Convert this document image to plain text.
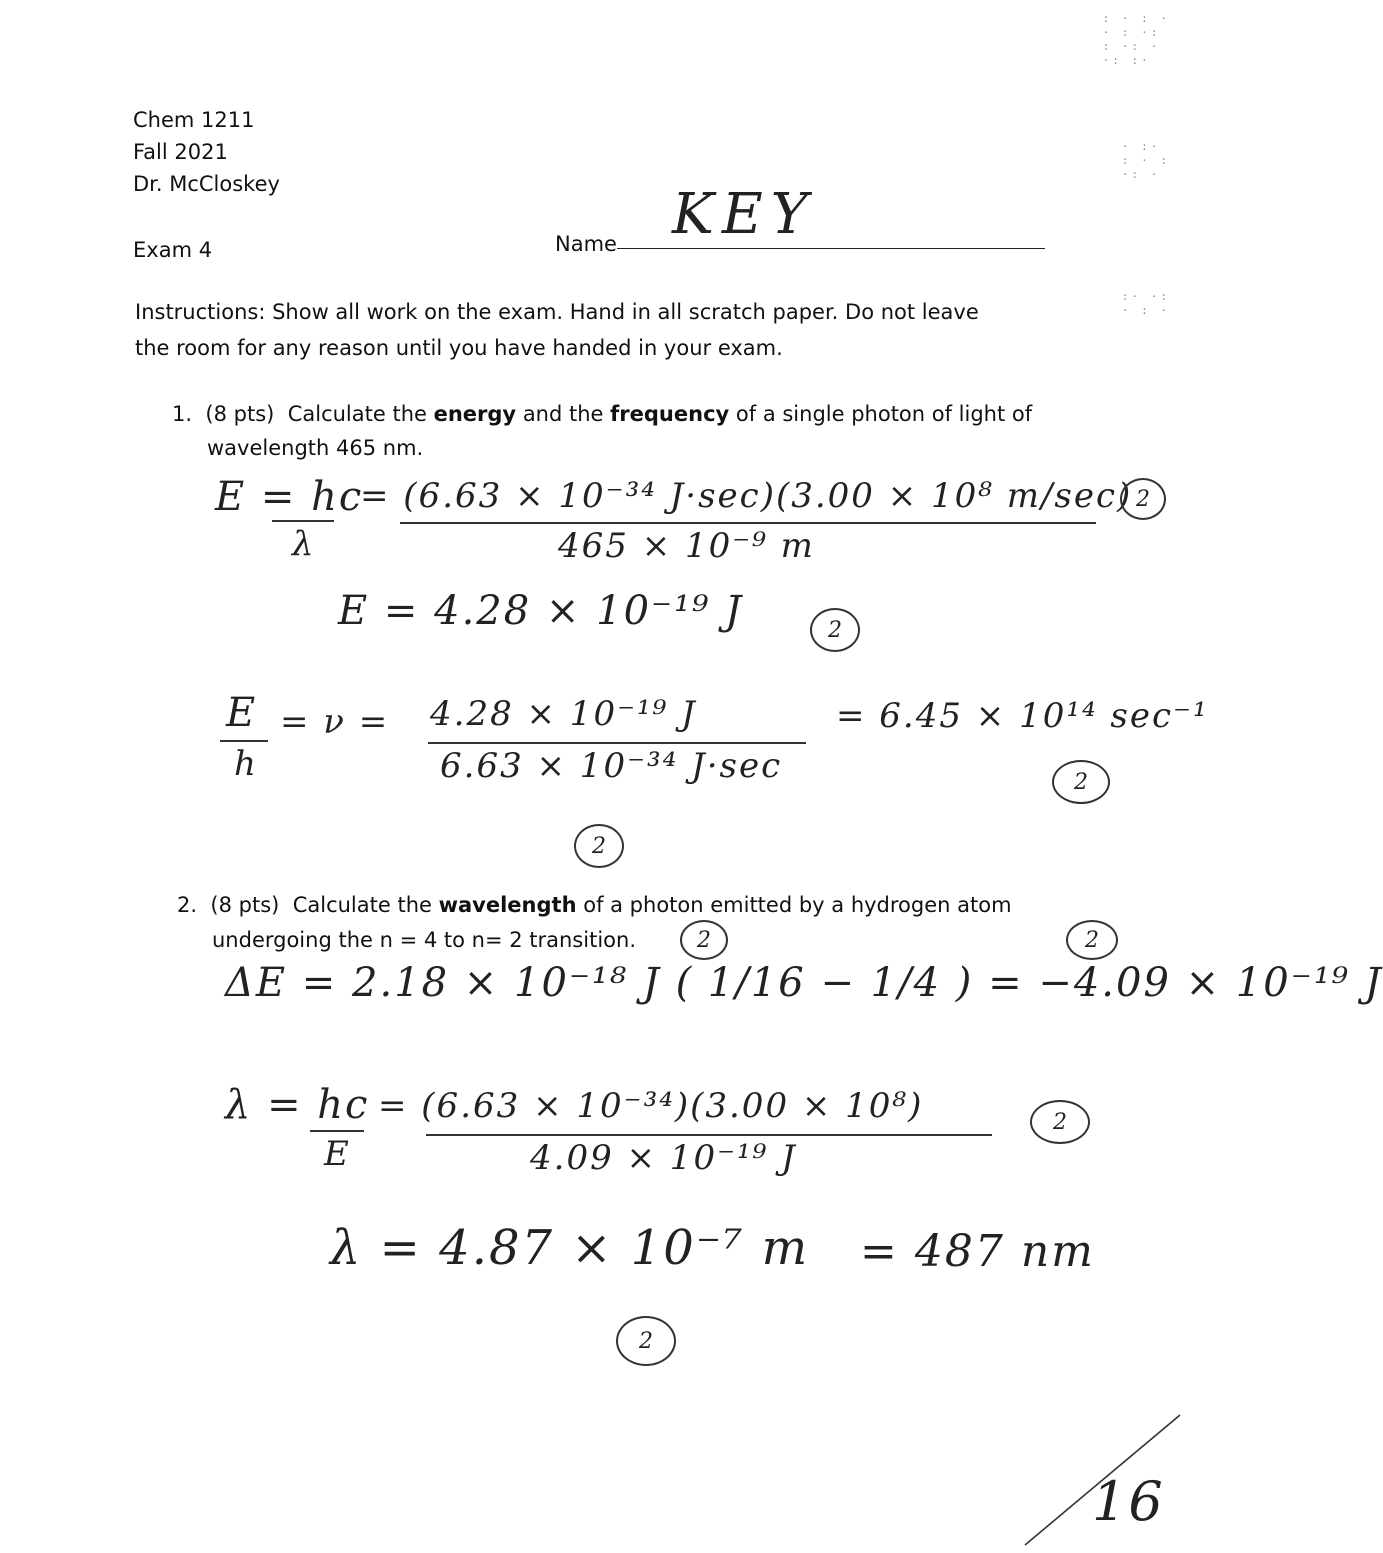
Chem 1211
Fall 2021
Dr. McCloskey
Exam 4	Name KEY
Instructions: Show all work on the exam. Hand in all scratch paper. Do not leave
the room for any reason until you have handed in your exam.
1. (8 pts) Calculate the energy and the frequency of a single photon of light of
wavelength 465 nm.
E = hc
λ
= (6.63 × 10⁻³⁴ J·sec)(3.00 × 10⁸ m/sec)
465 × 10⁻⁹ m
2
E = 4.28 × 10⁻¹⁹ J	2
E
h
= ν = 4.28 × 10⁻¹⁹ J
6.63 × 10⁻³⁴ J·sec
= 6.45 × 10¹⁴ sec⁻¹
2
2
2. (8 pts) Calculate the wavelength of a photon emitted by a hydrogen atom
undergoing the n = 4 to n= 2 transition.	2	2
ΔE = 2.18 × 10⁻¹⁸ J ( 1/16 − 1/4 ) = −4.09 × 10⁻¹⁹ J
λ = hc
E
= (6.63 × 10⁻³⁴)(3.00 × 10⁸)
4.09 × 10⁻¹⁹ J
2
λ = 4.87 × 10⁻⁷ m = 487 nm
2
16
: · : ·
· : ·:
: ·: ·
·: :·
· :·
: · :
·: ·
:· ·:
· : ·
